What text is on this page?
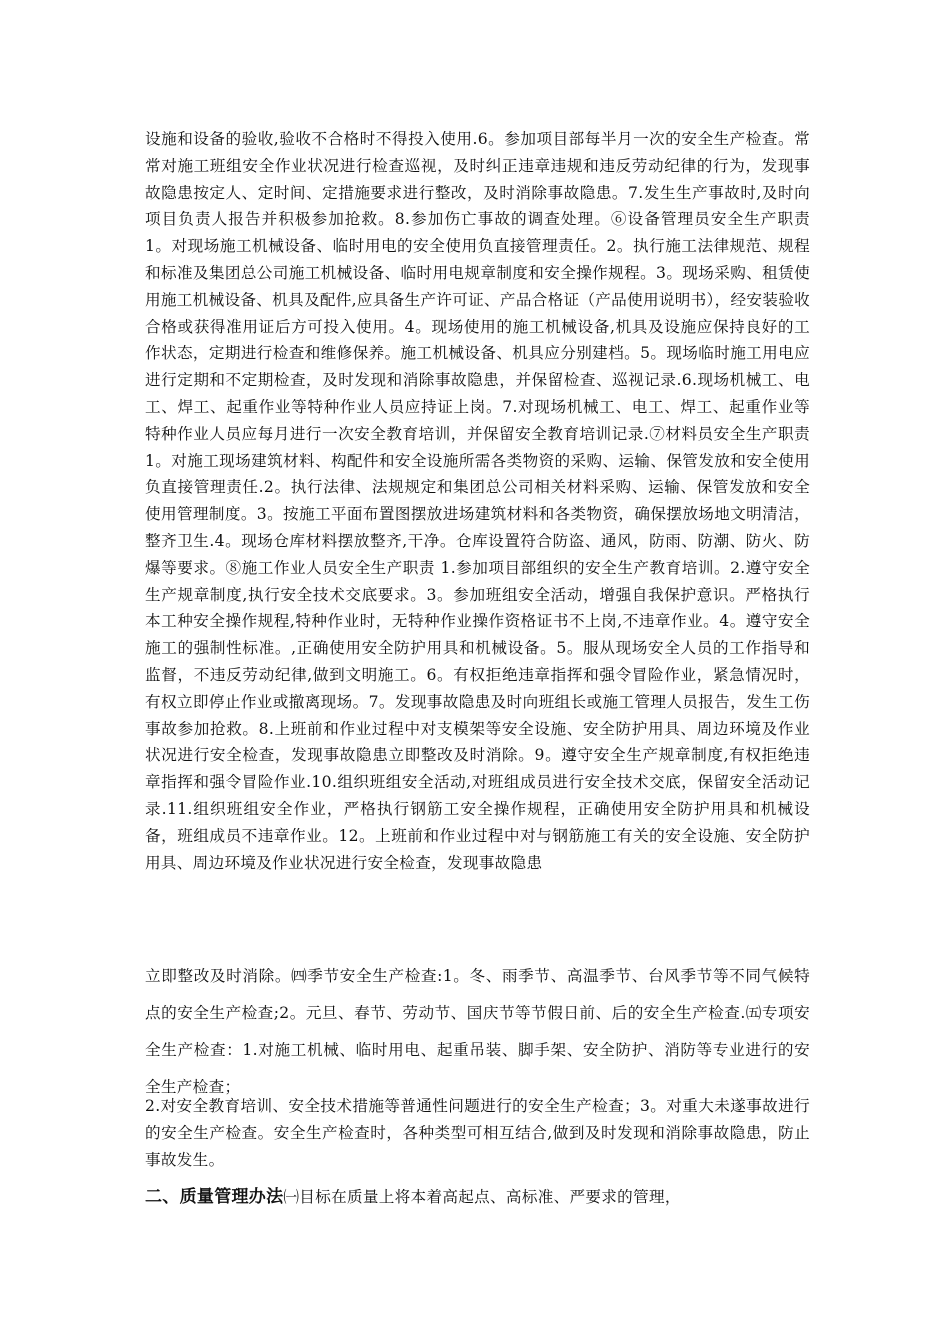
设施和设备的验收,验收不合格时不得投入使用.6。参加项目部每半月一次的安全生产检查。常常对施工班组安全作业状况进行检查巡视，及时纠正违章违规和违反劳动纪律的行为，发现事故隐患按定人、定时间、定措施要求进行整改，及时消除事故隐患。7.发生生产事故时,及时向项目负责人报告并积极参加抢救。8.参加伤亡事故的调查处理。⑥设备管理员安全生产职责 1。对现场施工机械设备、临时用电的安全使用负直接管理责任。2。执行施工法律规范、规程和标准及集团总公司施工机械设备、临时用电规章制度和安全操作规程。3。现场采购、租赁使用施工机械设备、机具及配件,应具备生产许可证、产品合格证（产品使用说明书），经安装验收合格或获得准用证后方可投入使用。4。现场使用的施工机械设备,机具及设施应保持良好的工作状态，定期进行检查和维修保养。施工机械设备、机具应分别建档。5。现场临时施工用电应进行定期和不定期检查，及时发现和消除事故隐患，并保留检查、巡视记录.6.现场机械工、电工、焊工、起重作业等特种作业人员应持证上岗。7.对现场机械工、电工、焊工、起重作业等特种作业人员应每月进行一次安全教育培训，并保留安全教育培训记录.⑦材料员安全生产职责 1。对施工现场建筑材料、构配件和安全设施所需各类物资的采购、运输、保管发放和安全使用负直接管理责任.2。执行法律、法规规定和集团总公司相关材料采购、运输、保管发放和安全使用管理制度。3。按施工平面布置图摆放进场建筑材料和各类物资，确保摆放场地文明清洁，整齐卫生.4。现场仓库材料摆放整齐,干净。仓库设置符合防盗、通风，防雨、防潮、防火、防爆等要求。⑧施工作业人员安全生产职责 1.参加项目部组织的安全生产教育培训。2.遵守安全生产规章制度,执行安全技术交底要求。3。参加班组安全活动，增强自我保护意识。严格执行本工种安全操作规程,特种作业时，无特种作业操作资格证书不上岗,不违章作业。4。遵守安全施工的强制性标准。,正确使用安全防护用具和机械设备。5。服从现场安全人员的工作指导和监督，不违反劳动纪律,做到文明施工。6。有权拒绝违章指挥和强令冒险作业，紧急情况时，有权立即停止作业或撤离现场。7。发现事故隐患及时向班组长或施工管理人员报告，发生工伤事故参加抢救。8.上班前和作业过程中对支模架等安全设施、安全防护用具、周边环境及作业状况进行安全检查，发现事故隐患立即整改及时消除。9。遵守安全生产规章制度,有权拒绝违章指挥和强令冒险作业.10.组织班组安全活动,对班组成员进行安全技术交底，保留安全活动记录.11.组织班组安全作业，严格执行钢筋工安全操作规程，正确使用安全防护用具和机械设备，班组成员不违章作业。12。上班前和作业过程中对与钢筋施工有关的安全设施、安全防护用具、周边环境及作业状况进行安全检查，发现事故隐患

立即整改及时消除。㈣季节安全生产检查:1。冬、雨季节、高温季节、台风季节等不同气候特点的安全生产检查;2。元旦、春节、劳动节、国庆节等节假日前、后的安全生产检查.㈤专项安全生产检查：1.对施工机械、临时用电、起重吊装、脚手架、安全防护、消防等专业进行的安全生产检查；

2.对安全教育培训、安全技术措施等普通性问题进行的安全生产检查；3。对重大未遂事故进行的安全生产检查。安全生产检查时，各种类型可相互结合,做到及时发现和消除事故隐患，防止事故发生。

二、质量管理办法㈠目标在质量上将本着高起点、高标准、严要求的管理，
